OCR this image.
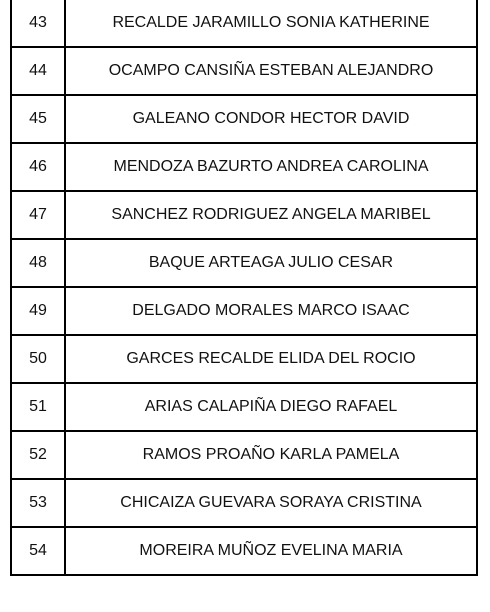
43	RECALDE JARAMILLO SONIA KATHERINE
44	OCAMPO CANSIÑA ESTEBAN ALEJANDRO
45	GALEANO CONDOR HECTOR DAVID
46	MENDOZA BAZURTO ANDREA CAROLINA
47	SANCHEZ RODRIGUEZ ANGELA MARIBEL
48	BAQUE ARTEAGA JULIO CESAR
49	DELGADO MORALES MARCO ISAAC
50	GARCES RECALDE ELIDA DEL ROCIO
51	ARIAS CALAPIÑA DIEGO RAFAEL
52	RAMOS PROAÑO KARLA PAMELA
53	CHICAIZA GUEVARA SORAYA CRISTINA
54	MOREIRA MUÑOZ EVELINA MARIA
